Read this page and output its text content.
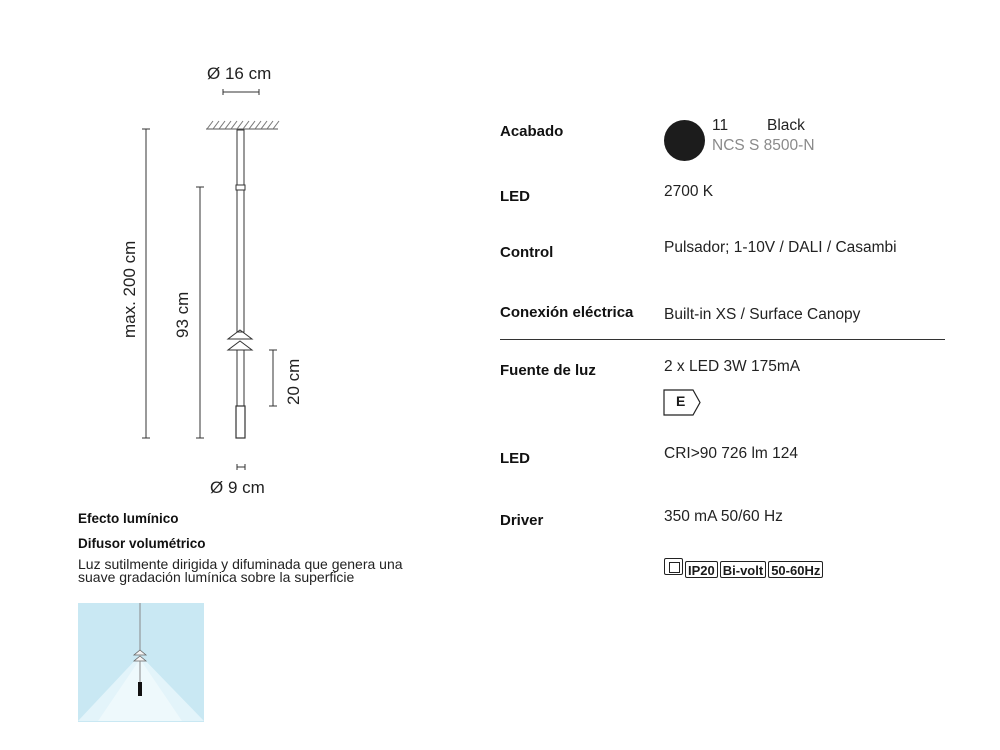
Ø 16 cm
max. 200 cm 93 cm
20 cm
Ø 9 cm
Efecto lumínico
Difusor volumétrico
Luz sutilmente dirigida y difuminada que genera una
suave gradación lumínica sobre la superficie
Acabado	11	Black
NCS S 8500-N
LED	2700 K
Control	Pulsador; 1-10V / DALI / Casambi
Conexión eléctrica Built-in XS / Surface Canopy
Fuente de luz	2 x LED 3W 175mA
E
LED	CRI>90 726 lm 124
Driver	350 mA 50/60 Hz
IP20 Bi-volt 50-60Hz
